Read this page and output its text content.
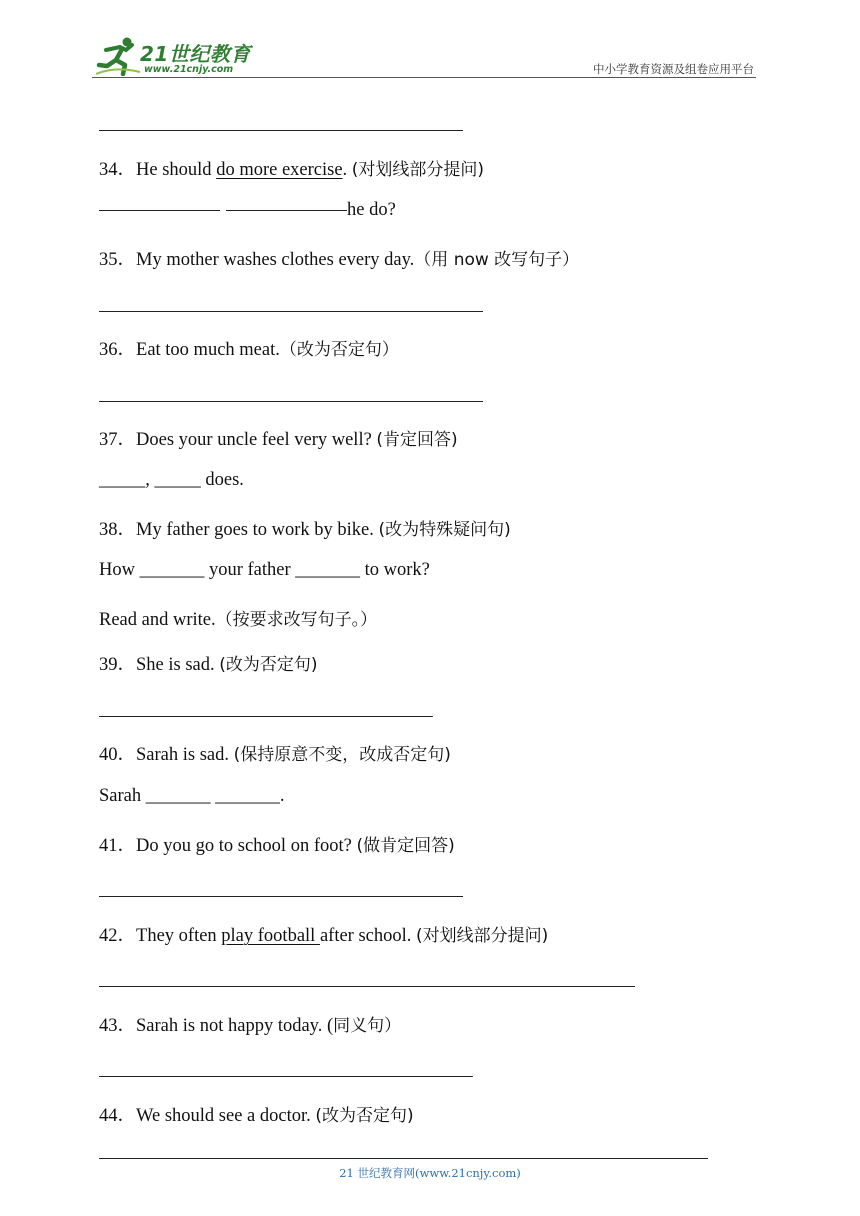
21世纪教育
www.21cnjy.com	中小学教育资源及组卷应用平台
34．He should do more exercise. (对划线部分提问)
he do?
35．My mother washes clothes every day.（用 now 改写句子）
36．Eat too much meat.（改为否定句）
37．Does your uncle feel very well? (肯定回答)
_____, _____ does.
38．My father goes to work by bike. (改为特殊疑问句)
How _______ your father _______ to work?
Read and write.（按要求改写句子。）
39．She is sad. (改为否定句)
40．Sarah is sad. (保持原意不变，改成否定句)
Sarah _______ _______.
41．Do you go to school on foot? (做肯定回答)
42．They often play football after school. (对划线部分提问)
43．Sarah is not happy today. (同义句）
44．We should see a doctor. (改为否定句)
21 世纪教育网(www.21cnjy.com)
